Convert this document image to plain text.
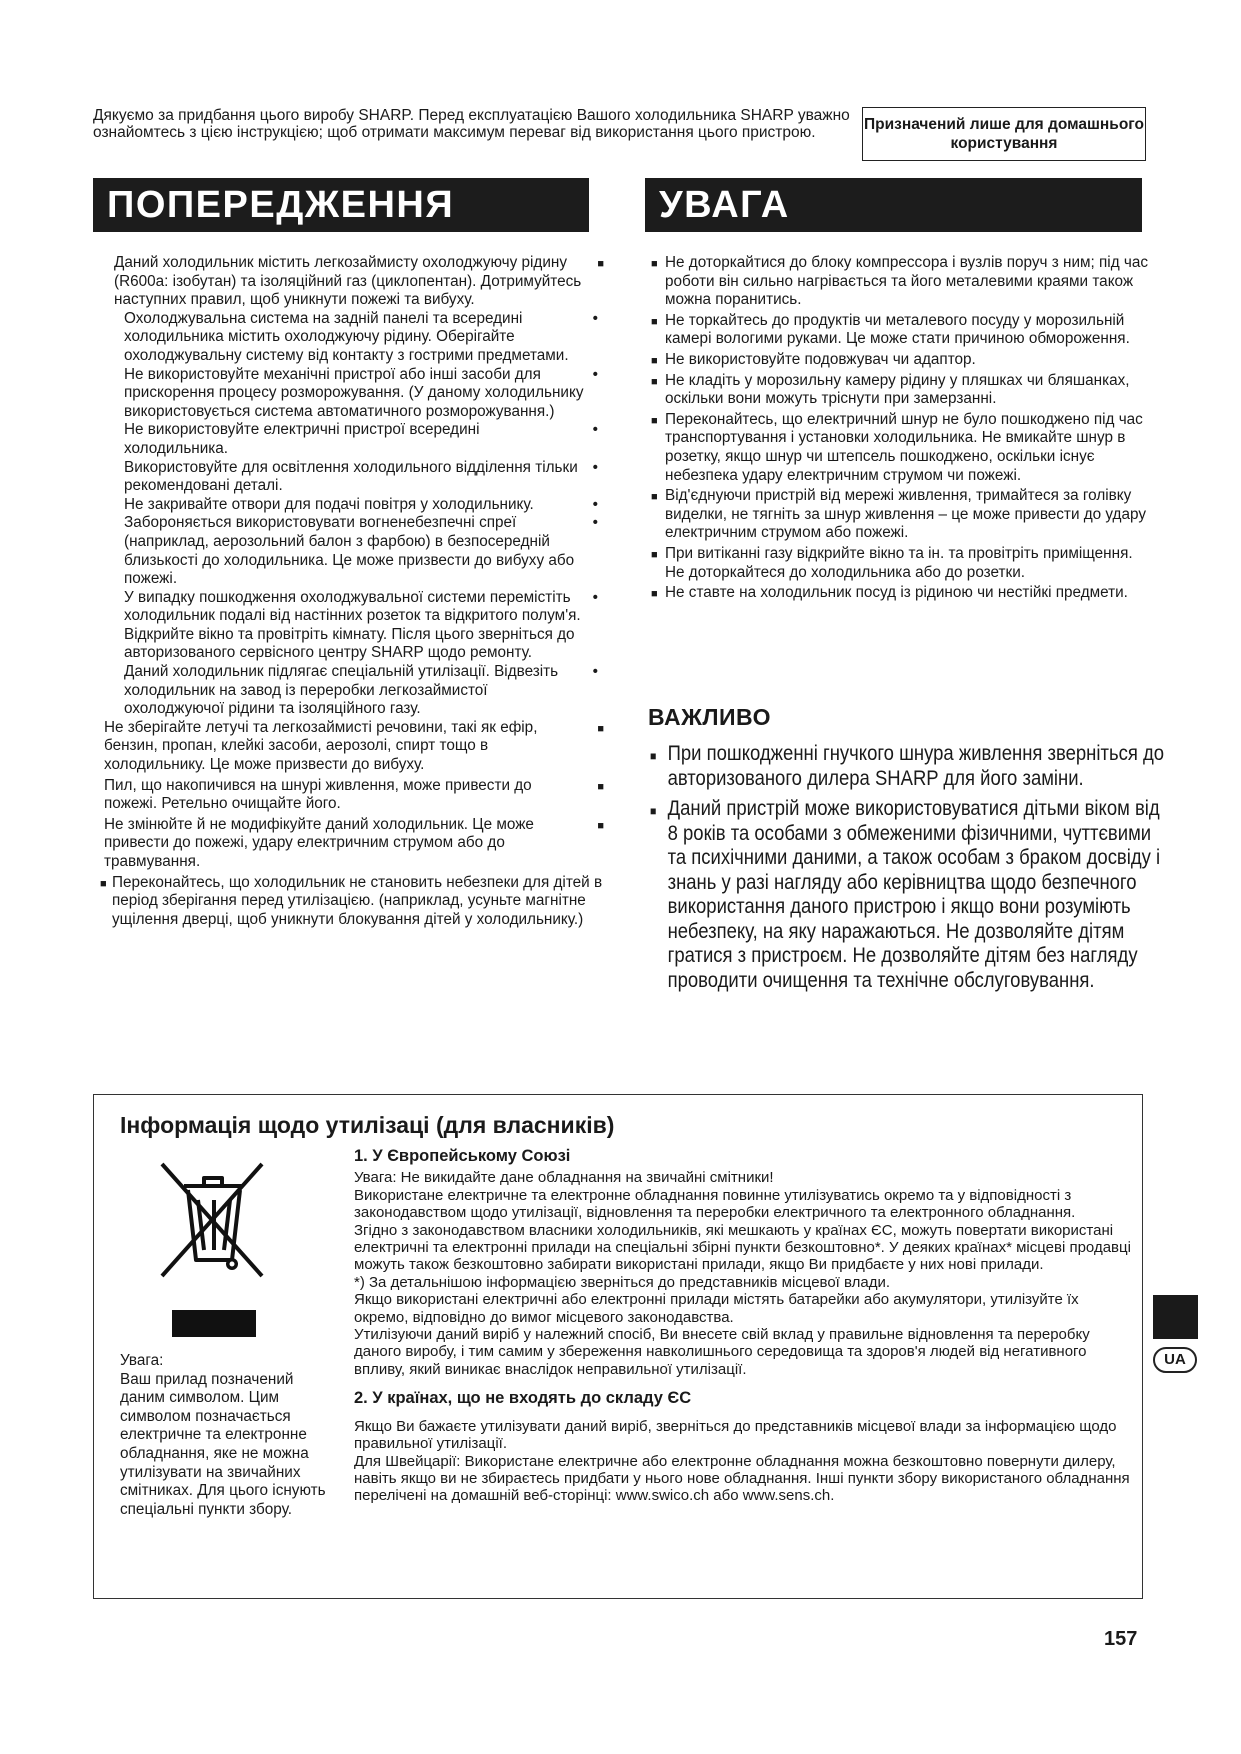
Дякуємо за придбання цього виробу SHARP. Перед експлуатацією Вашого холодильника SHARP уважно ознайомтесь з цією інструкцією; щоб отримати максимум переваг від використання цього пристрою.	Призначений лише для домашнього користування
ПОПЕРЕДЖЕННЯ	УВАГА
Даний холодильник містить легкозаймисту охолоджуючу рідину (R600a: ізобутан) та ізоляційний газ (циклопентан). Дотримуйтесь наступних правил, щоб уникнути пожежі та вибуху. ■
Охолоджувальна система на задній панелі та всередині холодильника містить охолоджуючу рідину. Оберігайте охолоджувальну систему від контакту з гострими предметами. •
Не використовуйте механічні пристрої або інші засоби для прискорення процесу розморожування. (У даному холодильнику використовується система автоматичного розморожування.) •
Не використовуйте електричні пристрої всередині холодильника. •
Використовуйте для освітлення холодильного відділення тільки рекомендовані деталі. •
Не закривайте отвори для подачі повітря у холодильнику. •
Забороняється використовувати вогненебезпечні спреї (наприклад, аерозольний балон з фарбою) в безпосередній близькості до холодильника. Це може призвести до вибуху або пожежі. •
У випадку пошкодження охолоджувальної системи перемістіть холодильник подалі від настінних розеток та відкритого полум'я. Відкрийте вікно та провітріть кімнату. Після цього зверніться до авторизованого сервісного центру SHARP щодо ремонту. •
Даний холодильник підлягає спеціальній утилізації. Відвезіть холодильник на завод із переробки легкозаймистої охолоджуючої рідини та ізоляційного газу. •
Не зберігайте летучі та легкозаймисті речовини, такі як ефір, бензин, пропан, клейкі засоби, аерозолі, спирт тощо в холодильнику. Це може призвести до вибуху. ■
Пил, що накопичився на шнурі живлення, може привести до пожежі. Ретельно очищайте його. ■
Не змінюйте й не модифікуйте даний холодильник. Це може привести до пожежі, удару електричним струмом або до травмування. ■
■ Переконайтесь, що холодильник не становить небезпеки для дітей в період зберігання перед утилізацією. (наприклад, усуньте магнітне ущілення дверці, щоб уникнути блокування дітей у холодильнику.)
■ Не доторкайтися до блоку компрессора і вузлів поруч з ним; під час роботи він сильно нагрівається та його металевими краями також можна поранитись.
■ Не торкайтесь до продуктів чи металевого посуду у морозильній камері вологими руками. Це може стати причиною обмороження.
■ Не використовуйте подовжувач чи адаптор.
■ Не кладіть у морозильну камеру рідину у пляшках чи бляшанках, оскільки вони можуть тріснути при замерзанні.
■ Переконайтесь, що електричний шнур не було пошкоджено під час транспортування і установки холодильника. Не вмикайте шнур в розетку, якщо шнур чи штепсель пошкоджено, оскільки існує небезпека удару електричним струмом чи пожежі.
■ Від'єднуючи пристрій від мережі живлення, тримайтеся за голівку виделки, не тягніть за шнур живлення – це може привести до удару електричним струмом або пожежі.
■ При витіканні газу відкрийте вікно та ін. та провітріть приміщення. Не доторкайтеся до холодильника або до розетки.
■ Не ставте на холодильник посуд із рідиною чи нестійкі предмети.
ВАЖЛИВО
■ При пошкодженні гнучкого шнура живлення зверніться до авторизованого дилера SHARP для його заміни.
■ Даний пристрій може використовуватися дітьми віком від 8 років та особами з обмеженими фізичними, чуттєвими та психічними даними, а також особам з браком досвіду і знань у разі нагляду або керівництва щодо безпечного використання даного пристрою і якщо вони розуміють небезпеку, на яку наражаються. Не дозволяйте дітям гратися з пристроєм. Не дозволяйте дітям без нагляду проводити очищення та технічне обслуговування.
Інформація щодо утилізаці (для власників)
Увага:
Ваш прилад позначений даним символом. Цим символом позначається електричне та електронне обладнання, яке не можна утилізувати на звичайних смітниках. Для цього існують спеціальні пункти збору.
1. У Європейському Союзі

Увага: Не викидайте дане обладнання на звичайні смітники!

Використане електричне та електронне обладнання повинне утилізуватись окремо та у відповідності з законодавством щодо утилізації, відновлення та переробки електричного та електронного обладнання.

Згідно з законодавством власники холодильників, які мешкають у країнах ЄС, можуть повертати використані електричні та електронні прилади на спеціальні збірні пункти безкоштовно*. У деяких країнах* місцеві продавці можуть також безкоштовно забирати використані прилади, якщо Ви придбаєте у них нові прилади.

*) За детальнішою інформацією зверніться до представників місцевої влади.

Якщо використані електричні або електронні прилади містять батарейки або акумулятори, утилізуйте їх окремо, відповідно до вимог місцевого законодавства.

Утилізуючи даний виріб у належний спосіб, Ви внесете свій вклад у правильне відновлення та переробку даного виробу, і тим самим у збереження навколишнього середовища та здоров'я людей від негативного впливу, який виникає внаслідок неправильної утилізації.

2. У країнах, що не входять до складу ЄС

Якщо Ви бажаєте утилізувати даний виріб, зверніться до представників місцевої влади за інформацією щодо правильної утилізації.

Для Швейцарії: Використане електричне або електронне обладнання можна безкоштовно повернути дилеру, навіть якщо ви не збираєтесь придбати у нього нове обладнання. Інші пункти збору використаного обладнання перелічені на домашній веб-сторінці: www.swico.ch або www.sens.ch.

UA
157
